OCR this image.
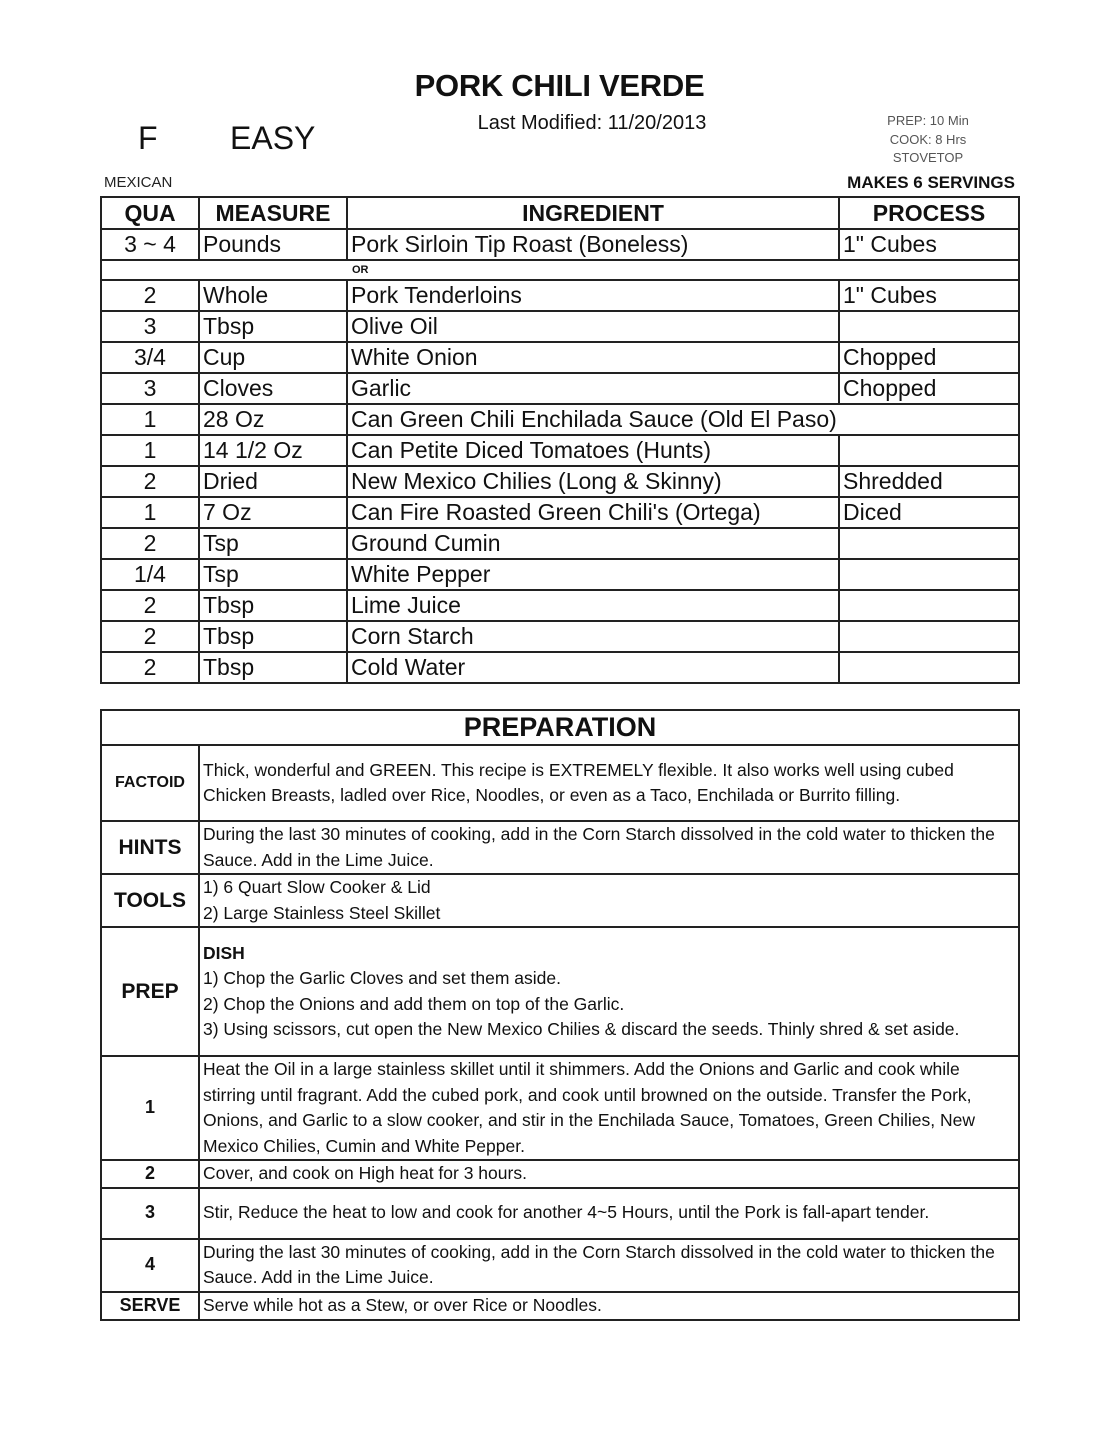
PORK CHILI VERDE
Last Modified: 11/20/2013
F EASY	PREP: 10 Min
COOK: 8 Hrs
STOVETOP
MEXICAN	MAKES 6 SERVINGS
QUA	MEASURE	INGREDIENT	PROCESS
3 ~ 4	Pounds	Pork Sirloin Tip Roast (Boneless)	1" Cubes
OR			
2	Whole	Pork Tenderloins	1" Cubes
3	Tbsp	Olive Oil	
3/4	Cup	White Onion	Chopped
3	Cloves	Garlic	Chopped
1	28 Oz	Can Green Chili Enchilada Sauce (Old El Paso)	
1	14 1/2 Oz	Can Petite Diced Tomatoes (Hunts)	
2	Dried	New Mexico Chilies (Long & Skinny)	Shredded
1	7 Oz	Can Fire Roasted Green Chili's (Ortega)	Diced
2	Tsp	Ground Cumin	
1/4	Tsp	White Pepper	
2	Tbsp	Lime Juice	
2	Tbsp	Corn Starch	
2	Tbsp	Cold Water	
PREPARATION	
FACTOID	Thick, wonderful and GREEN. This recipe is EXTREMELY flexible. It also works well using cubed Chicken Breasts, ladled over Rice, Noodles, or even as a Taco, Enchilada or Burrito filling.
HINTS	During the last 30 minutes of cooking, add in the Corn Starch dissolved in the cold water to thicken the Sauce. Add in the Lime Juice.
TOOLS	1) 6 Quart Slow Cooker & Lid
2) Large Stainless Steel Skillet

PREP	DISH
1) Chop the Garlic Cloves and set them aside.
2) Chop the Onions and add them on top of the Garlic.
3) Using scissors, cut open the New Mexico Chilies & discard the seeds. Thinly shred & set aside.

1	Heat the Oil in a large stainless skillet until it shimmers. Add the Onions and Garlic and cook while stirring until fragrant. Add the cubed pork, and cook until browned on the outside. Transfer the Pork, Onions, and Garlic to a slow cooker, and stir in the Enchilada Sauce, Tomatoes, Green Chilies, New Mexico Chilies, Cumin and White Pepper.
2	Cover, and cook on High heat for 3 hours.
3	Stir, Reduce the heat to low and cook for another 4~5 Hours, until the Pork is fall-apart tender.
4	During the last 30 minutes of cooking, add in the Corn Starch dissolved in the cold water to thicken the Sauce. Add in the Lime Juice.
SERVE	Serve while hot as a Stew, or over Rice or Noodles.
